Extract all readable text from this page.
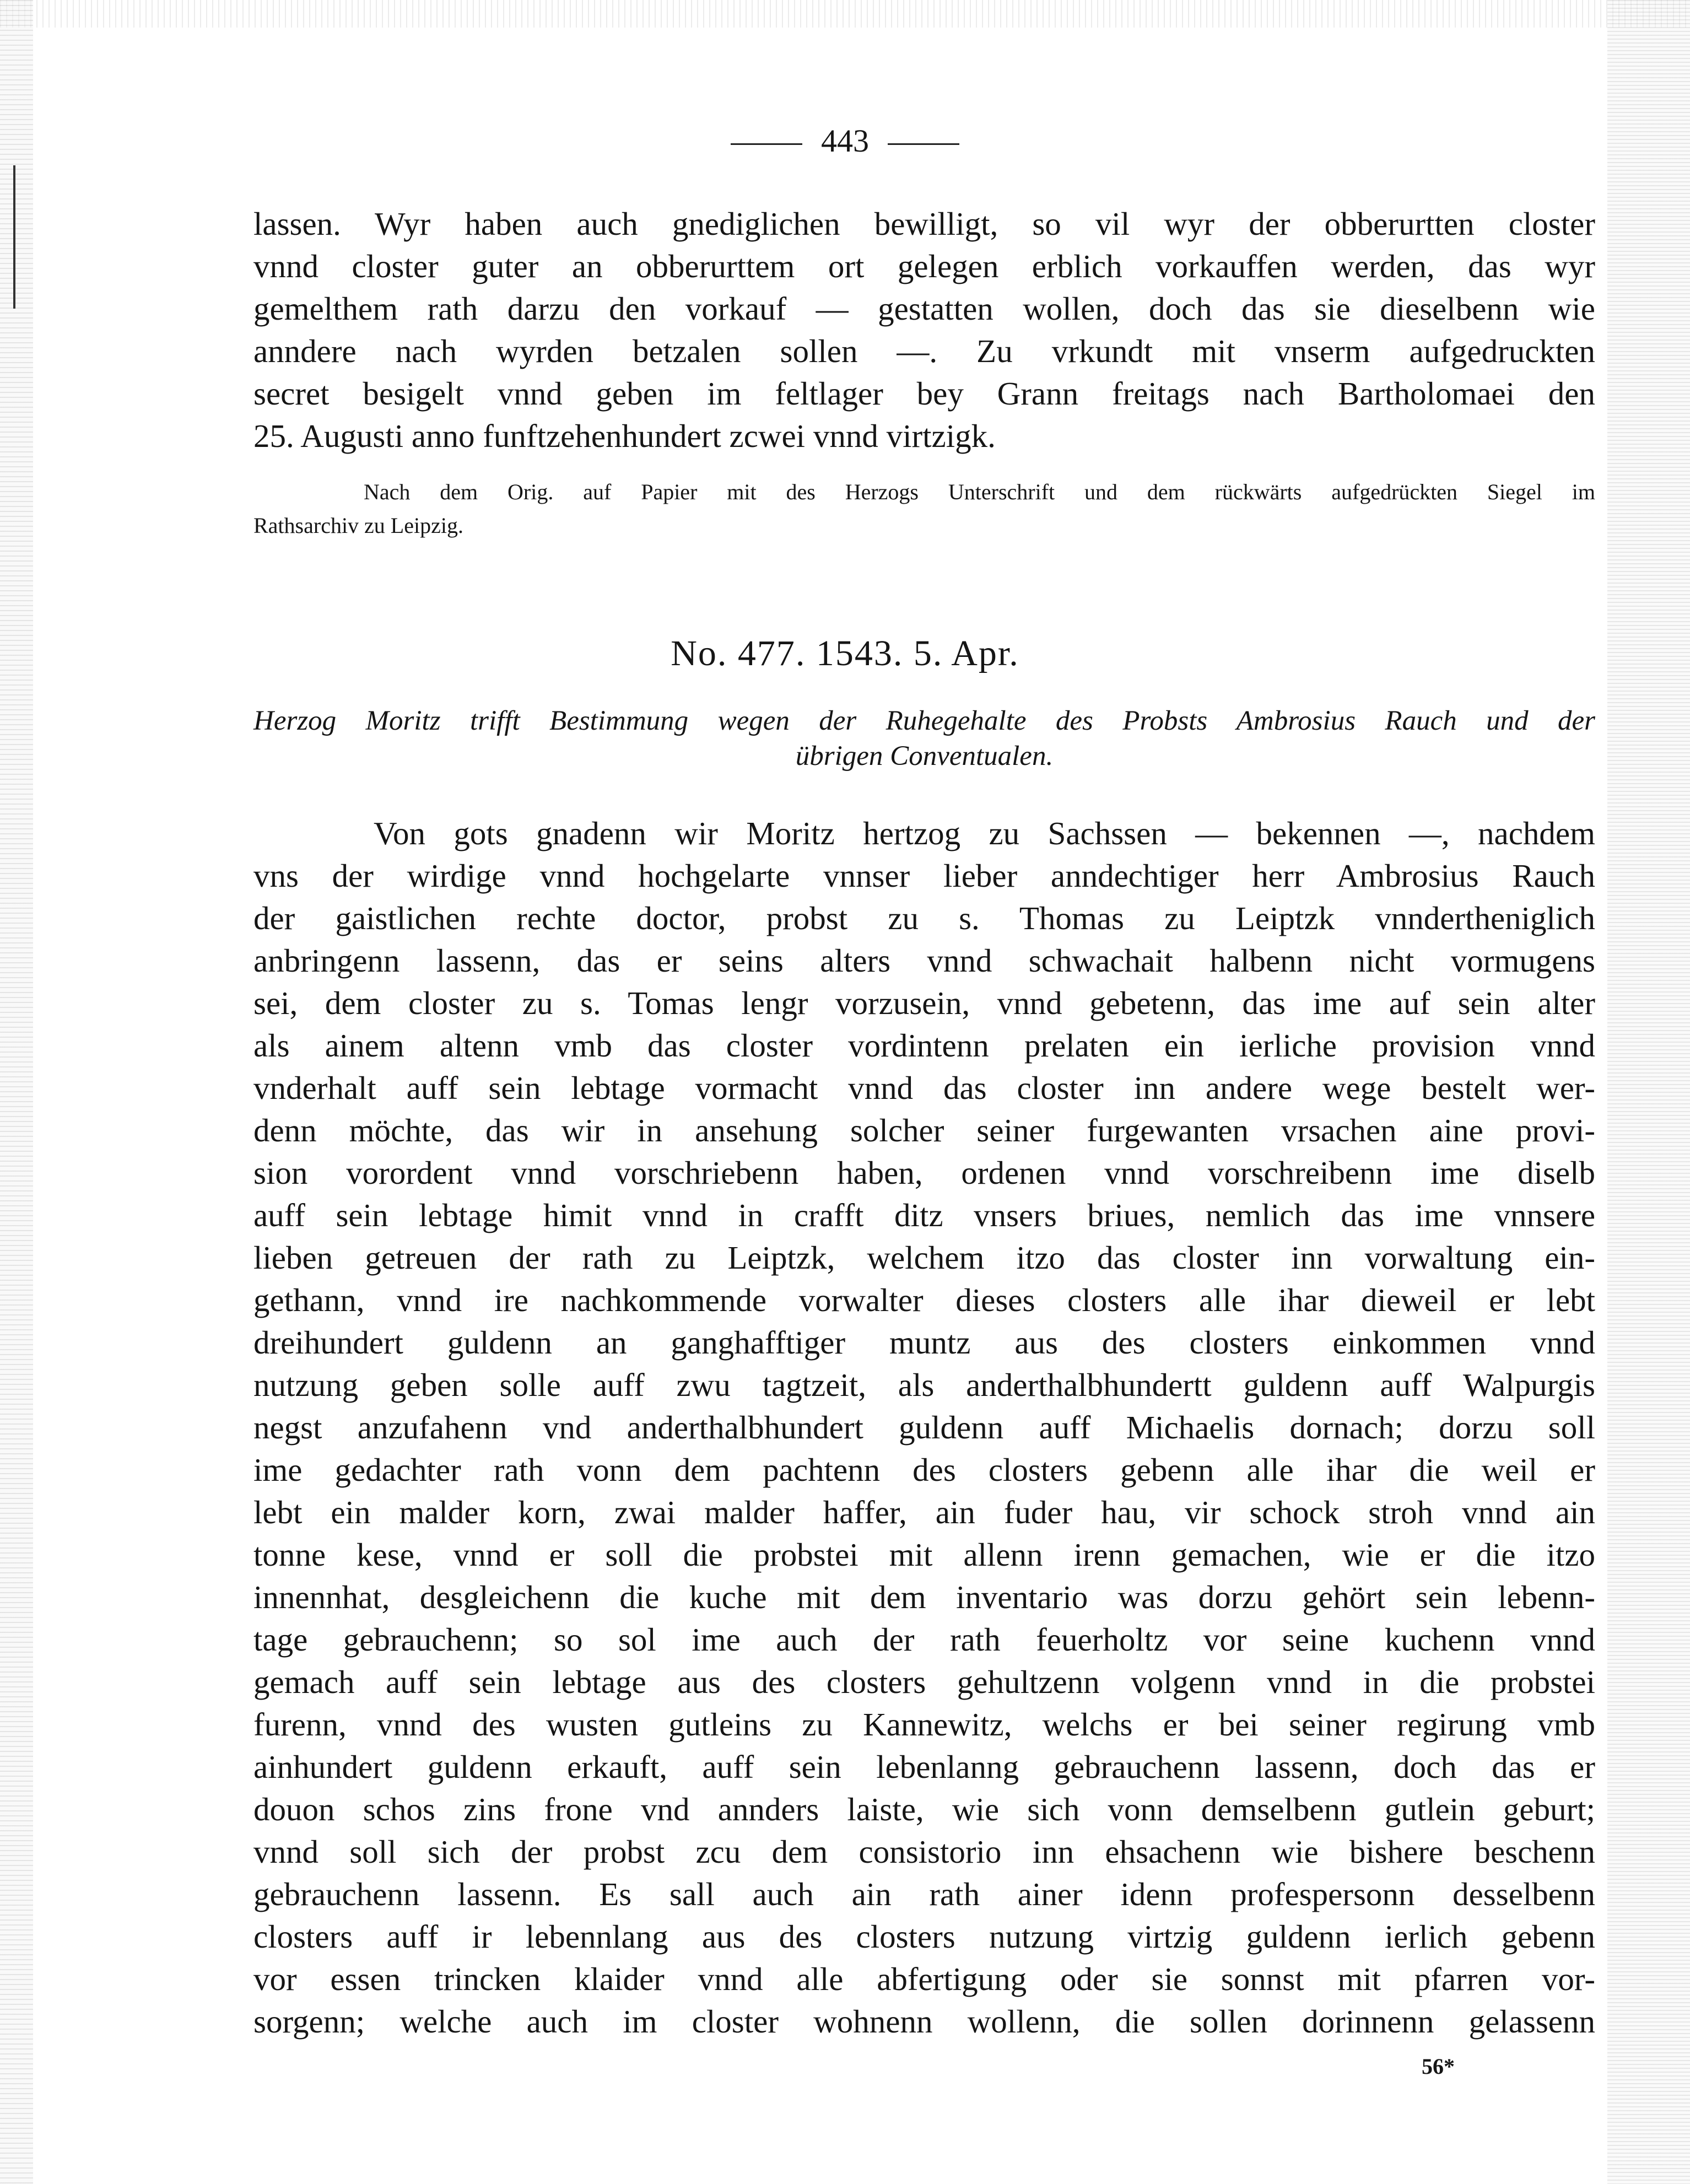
443
lassen. Wyr haben auch gnediglichen bewilligt, so vil wyr der obberurtten closter
vnnd closter guter an obberurttem ort gelegen erblich vorkauffen werden, das wyr
gemelthem rath darzu den vorkauf — gestatten wollen, doch das sie dieselbenn wie
anndere nach wyrden betzalen sollen —. Zu vrkundt mit vnserm aufgedruckten
secret besigelt vnnd geben im feltlager bey Grann freitags nach Bartholomaei den
25. Augusti anno funftzehenhundert zcwei vnnd virtzigk.
Nach dem Orig. auf Papier mit des Herzogs Unterschrift und dem rückwärts aufgedrückten Siegel im
Rathsarchiv zu Leipzig.
No. 477. 1543. 5. Apr.
Herzog Moritz trifft Bestimmung wegen der Ruhegehalte des Probsts Ambrosius Rauch und der
übrigen Conventualen.
Von gots gnadenn wir Moritz hertzog zu Sachssen — bekennen —, nachdem
vns der wirdige vnnd hochgelarte vnnser lieber anndechtiger herr Ambrosius Rauch
der gaistlichen rechte doctor, probst zu s. Thomas zu Leiptzk vnndertheniglich
anbringenn lassenn, das er seins alters vnnd schwachait halbenn nicht vormugens
sei, dem closter zu s. Tomas lengr vorzusein, vnnd gebetenn, das ime auf sein alter
als ainem altenn vmb das closter vordintenn prelaten ein ierliche provision vnnd
vnderhalt auff sein lebtage vormacht vnnd das closter inn andere wege bestelt wer-
denn möchte, das wir in ansehung solcher seiner furgewanten vrsachen aine provi-
sion vorordent vnnd vorschriebenn haben, ordenen vnnd vorschreibenn ime diselb
auff sein lebtage himit vnnd in crafft ditz vnsers briues, nemlich das ime vnnsere
lieben getreuen der rath zu Leiptzk, welchem itzo das closter inn vorwaltung ein-
gethann, vnnd ire nachkommende vorwalter dieses closters alle ihar dieweil er lebt
dreihundert guldenn an ganghafftiger muntz aus des closters einkommen vnnd
nutzung geben solle auff zwu tagtzeit, als anderthalbhundertt guldenn auff Walpurgis
negst anzufahenn vnd anderthalbhundert guldenn auff Michaelis dornach; dorzu soll
ime gedachter rath vonn dem pachtenn des closters gebenn alle ihar die weil er
lebt ein malder korn, zwai malder haffer, ain fuder hau, vir schock stroh vnnd ain
tonne kese, vnnd er soll die probstei mit allenn irenn gemachen, wie er die itzo
innennhat, desgleichenn die kuche mit dem inventario was dorzu gehört sein lebenn-
tage gebrauchenn; so sol ime auch der rath feuerholtz vor seine kuchenn vnnd
gemach auff sein lebtage aus des closters gehultzenn volgenn vnnd in die probstei
furenn, vnnd des wusten gutleins zu Kannewitz, welchs er bei seiner regirung vmb
ainhundert guldenn erkauft, auff sein lebenlanng gebrauchenn lassenn, doch das er
douon schos zins frone vnd annders laiste, wie sich vonn demselbenn gutlein geburt;
vnnd soll sich der probst zcu dem consistorio inn ehsachenn wie bishere beschenn
gebrauchenn lassenn. Es sall auch ain rath ainer idenn profespersonn desselbenn
closters auff ir lebennlang aus des closters nutzung virtzig guldenn ierlich gebenn
vor essen trincken klaider vnnd alle abfertigung oder sie sonnst mit pfarren vor-
sorgenn; welche auch im closter wohnenn wollenn, die sollen dorinnenn gelassenn
56*
